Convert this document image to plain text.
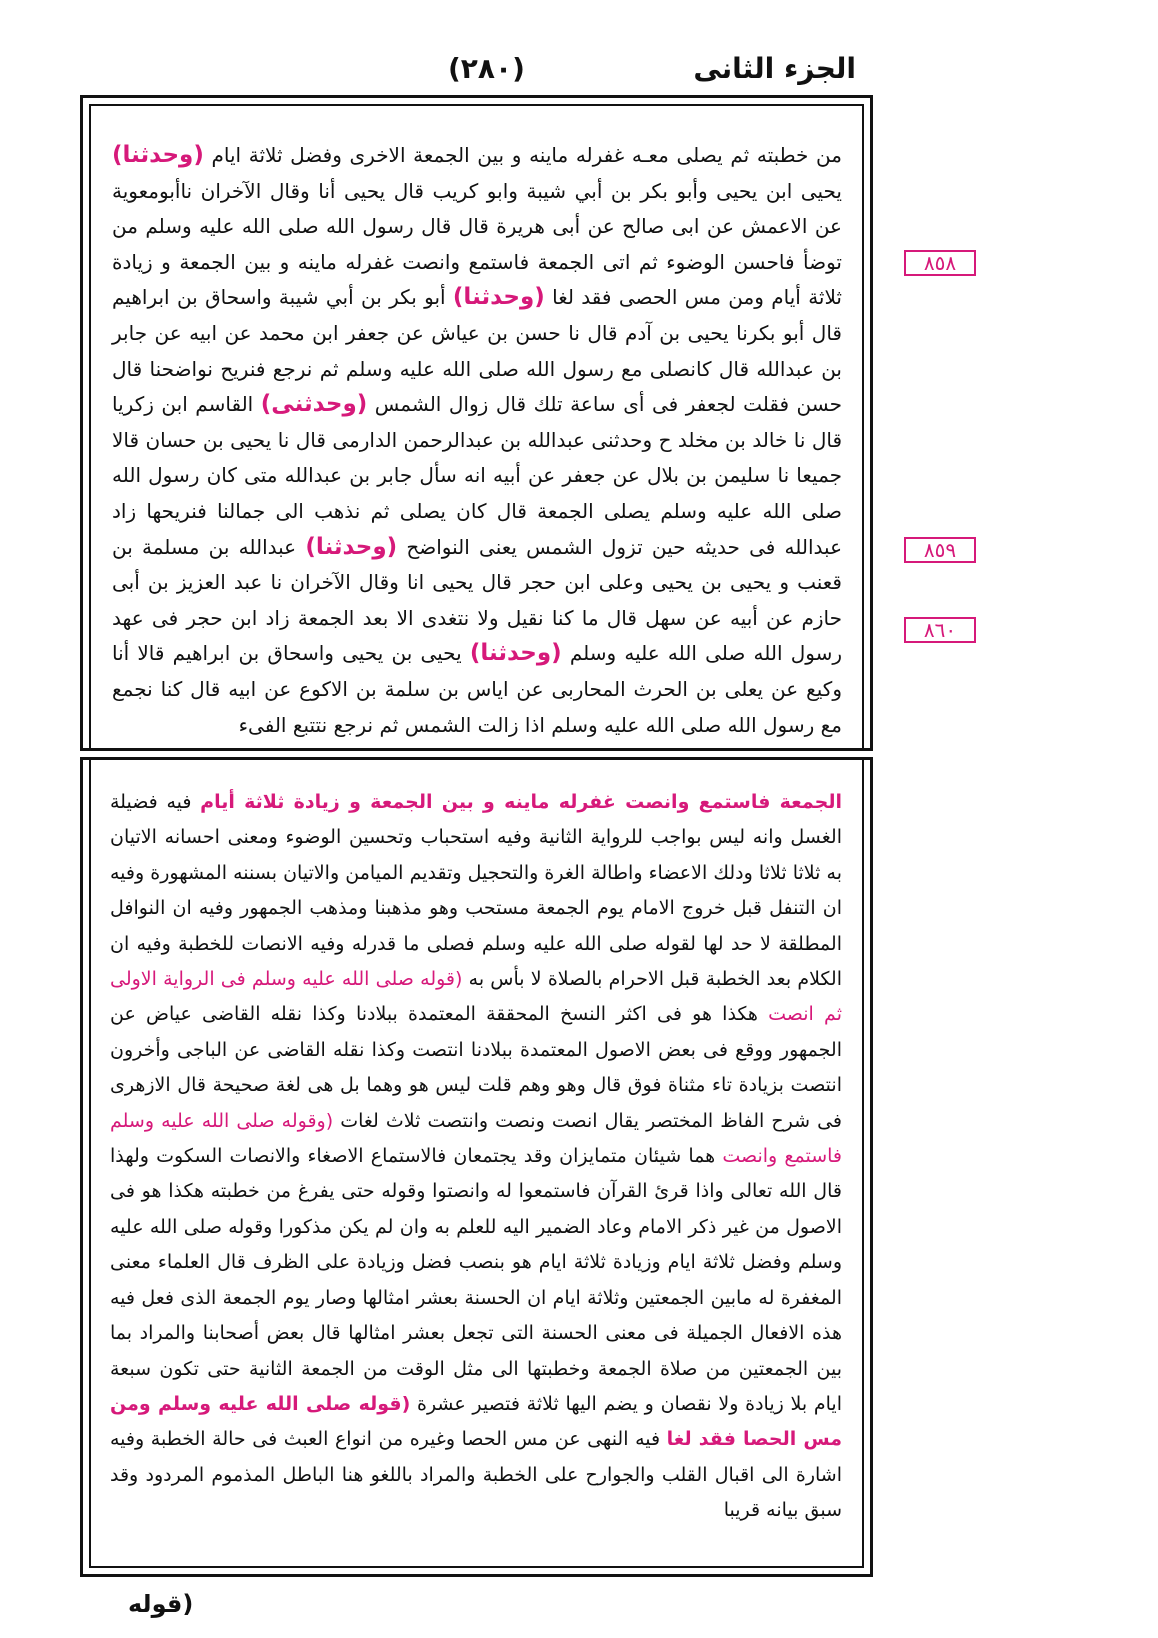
الجزء الثانى
(٢٨٠)
من خطبته ثم يصلى معـه غفرله ماينه و بين الجمعة الاخرى وفضل ثلاثة ايام (وحدثنا) يحيى ابن يحيى وأبو بكر بن أبي شيبة وابو كريب قال يحيى أنا وقال الآخران ناأبومعوية عن الاعمش عن ابى صالح عن أبى هريرة قال قال رسول الله صلى الله عليه وسلم من توضأ فاحسن الوضوء ثم اتى الجمعة فاستمع وانصت غفرله ماينه و بين الجمعة و زيادة ثلاثة أيام ومن مس الحصى فقد لغا (وحدثنا) أبو بكر بن أبي شيبة واسحاق بن ابراهيم قال أبو بكرنا يحيى بن آدم قال نا حسن بن عياش عن جعفر ابن محمد عن ابيه عن جابر بن عبدالله قال كانصلى مع رسول الله صلى الله عليه وسلم ثم نرجع فنريح نواضحنا قال حسن فقلت لجعفر فى أى ساعة تلك قال زوال الشمس (وحدثنى) القاسم ابن زكريا قال نا خالد بن مخلد ح وحدثنى عبدالله بن عبدالرحمن الدارمى قال نا يحيى بن حسان قالا جميعا نا سليمن بن بلال عن جعفر عن أبيه انه سأل جابر بن عبدالله متى كان رسول الله صلى الله عليه وسلم يصلى الجمعة قال كان يصلى ثم نذهب الى جمالنا فنريحها زاد عبدالله فى حديثه حين تزول الشمس يعنى النواضح (وحدثنا) عبدالله بن مسلمة بن قعنب و يحيى بن يحيى وعلى ابن حجر قال يحيى انا وقال الآخران نا عبد العزيز بن أبى حازم عن أبيه عن سهل قال ما كنا نقيل ولا نتغدى الا بعد الجمعة زاد ابن حجر فى عهد رسول الله صلى الله عليه وسلم (وحدثنا) يحيى بن يحيى واسحاق بن ابراهيم قالا أنا وكيع عن يعلى بن الحرث المحاربى عن اياس بن سلمة بن الاكوع عن ابيه قال كنا نجمع مع رسول الله صلى الله عليه وسلم اذا زالت الشمس ثم نرجع نتتبع الفىء
الجمعة فاستمع وانصت غفرله ماينه و بين الجمعة و زيادة ثلاثة أيام فيه فضيلة الغسل وانه ليس بواجب للرواية الثانية وفيه استحباب وتحسين الوضوء ومعنى احسانه الاتيان به ثلاثا ثلاثا ودلك الاعضاء واطالة الغرة والتحجيل وتقديم الميامن والاتيان بسننه المشهورة وفيه ان التنفل قبل خروج الامام يوم الجمعة مستحب وهو مذهبنا ومذهب الجمهور وفيه ان النوافل المطلقة لا حد لها لقوله صلى الله عليه وسلم فصلى ما قدرله وفيه الانصات للخطبة وفيه ان الكلام بعد الخطبة قبل الاحرام بالصلاة لا بأس به (قوله صلى الله عليه وسلم فى الرواية الاولى ثم انصت هكذا هو فى اكثر النسخ المحققة المعتمدة ببلادنا وكذا نقله القاضى عياض عن الجمهور ووقع فى بعض الاصول المعتمدة ببلادنا انتصت وكذا نقله القاضى عن الباجى وأخرون انتصت بزيادة تاء مثناة فوق قال وهو وهم قلت ليس هو وهما بل هى لغة صحيحة قال الازهرى فى شرح الفاظ المختصر يقال انصت ونصت وانتصت ثلاث لغات (وقوله صلى الله عليه وسلم فاستمع وانصت هما شيئان متمايزان وقد يجتمعان فالاستماع الاصغاء والانصات السكوت ولهذا قال الله تعالى واذا قرئ القرآن فاستمعوا له وانصتوا وقوله حتى يفرغ من خطبته هكذا هو فى الاصول من غير ذكر الامام وعاد الضمير اليه للعلم به وان لم يكن مذكورا وقوله صلى الله عليه وسلم وفضل ثلاثة ايام وزيادة ثلاثة ايام هو بنصب فضل وزيادة على الظرف قال العلماء معنى المغفرة له مابين الجمعتين وثلاثة ايام ان الحسنة بعشر امثالها وصار يوم الجمعة الذى فعل فيه هذه الافعال الجميلة فى معنى الحسنة التى تجعل بعشر امثالها قال بعض أصحابنا والمراد بما بين الجمعتين من صلاة الجمعة وخطبتها الى مثل الوقت من الجمعة الثانية حتى تكون سبعة ايام بلا زيادة ولا نقصان و يضم اليها ثلاثة فتصير عشرة (قوله صلى الله عليه وسلم ومن مس الحصا فقد لغا فيه النهى عن مس الحصا وغيره من انواع العبث فى حالة الخطبة وفيه اشارة الى اقبال القلب والجوارح على الخطبة والمراد باللغو هنا الباطل المذموم المردود وقد سبق بيانه قريبا
٨٥٨
٨٥٩
٨٦٠
(قوله
